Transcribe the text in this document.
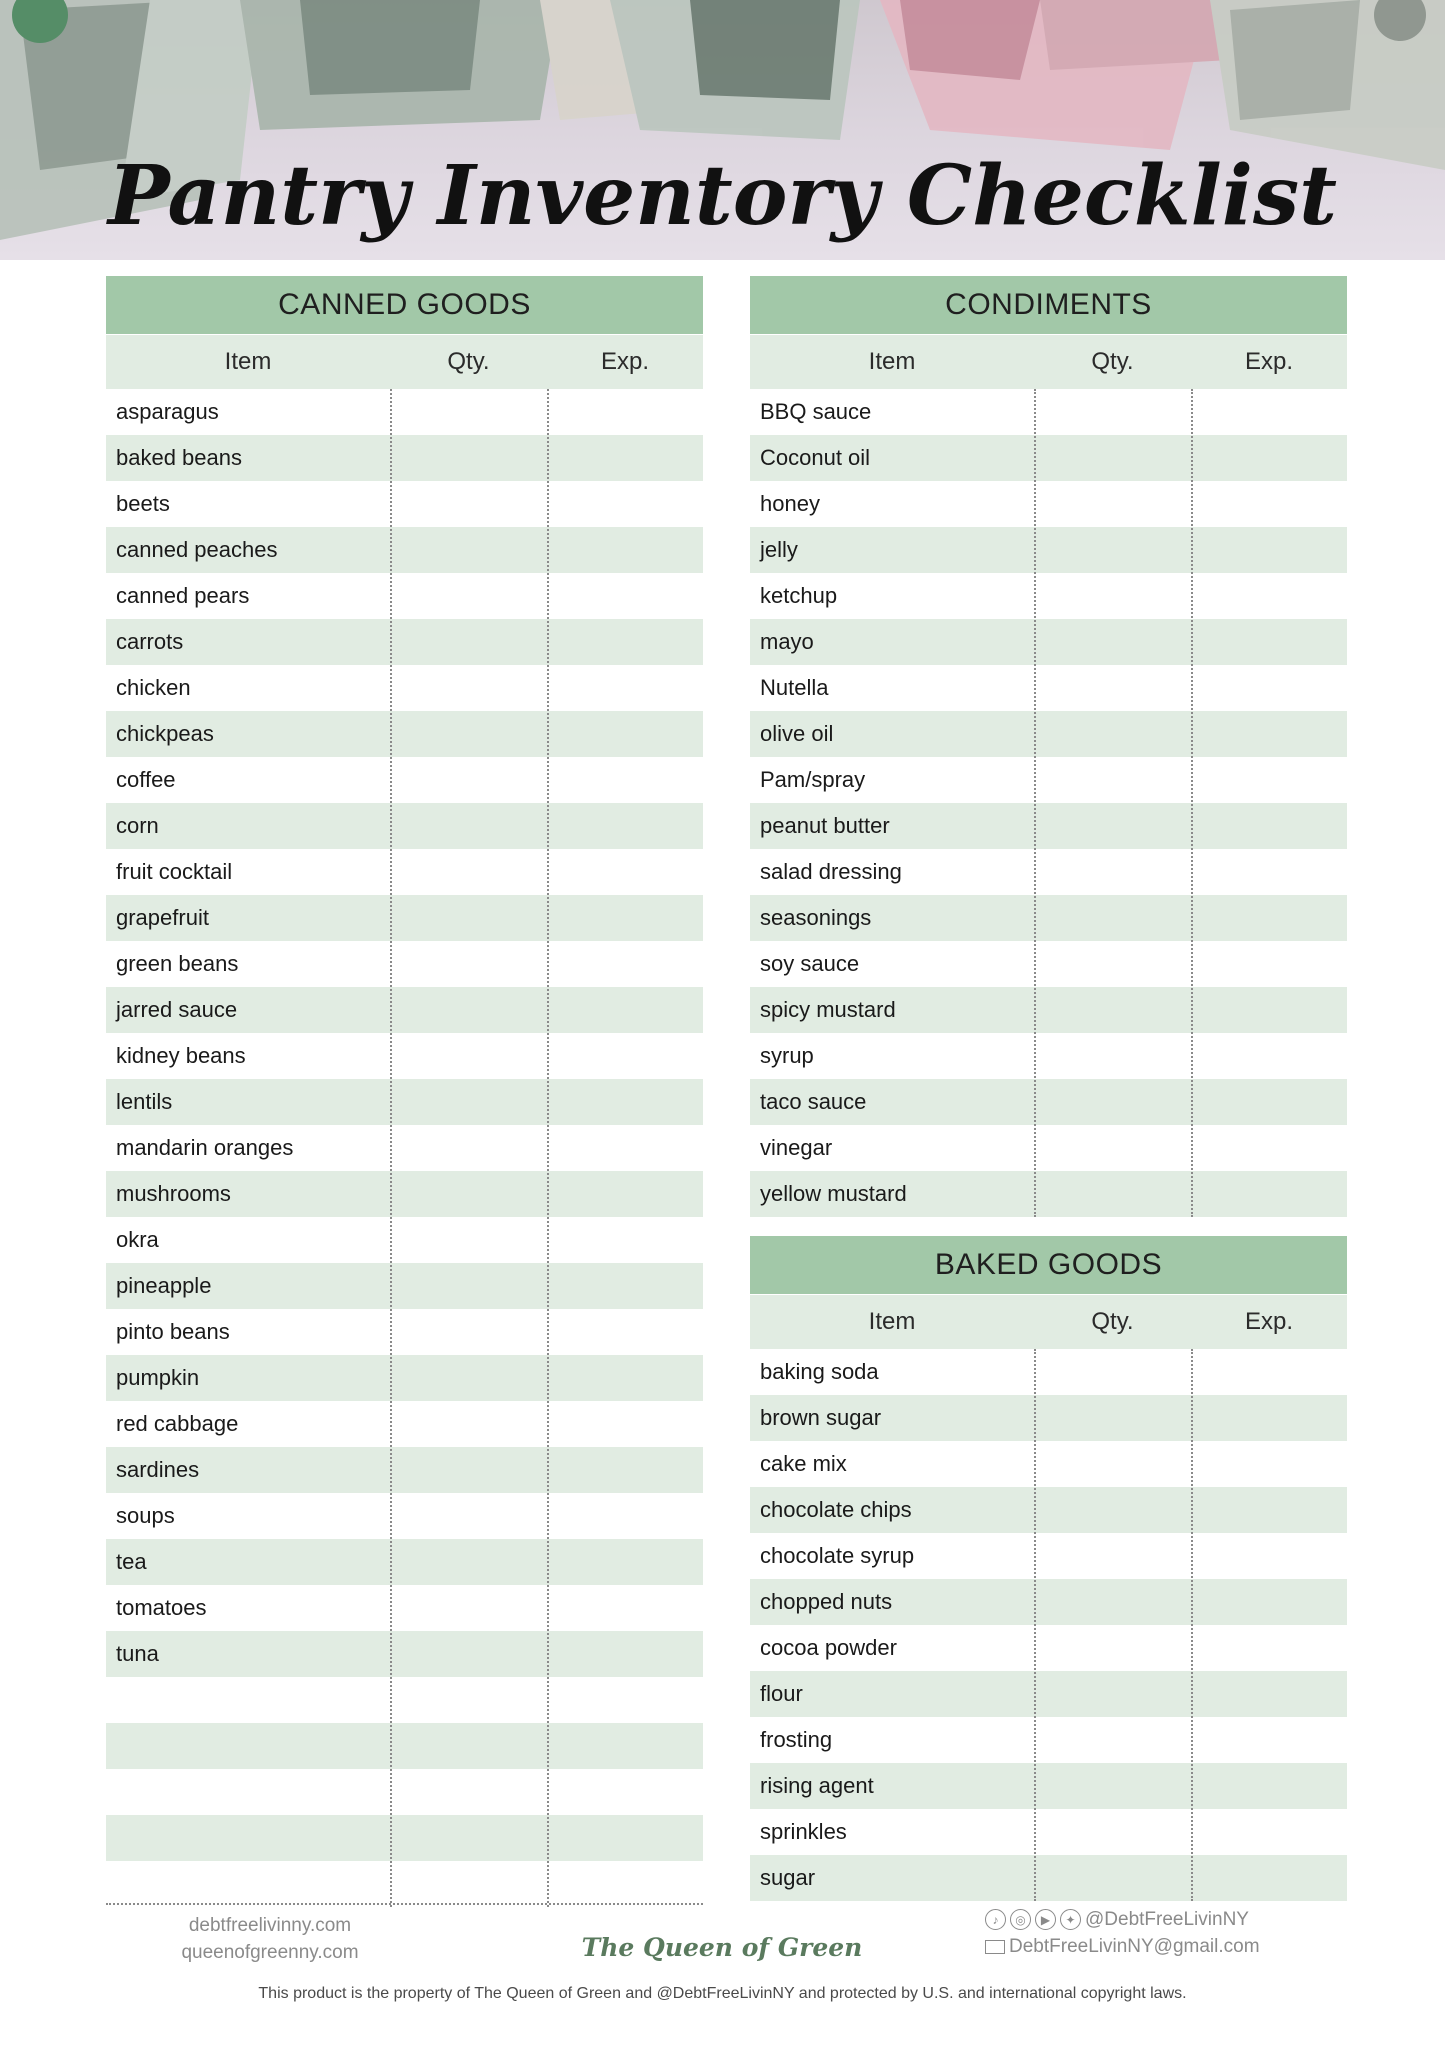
Pantry Inventory Checklist
CANNED GOODS
Item	Qty.	Exp.
asparagus
baked beans
beets
canned peaches
canned pears
carrots
chicken
chickpeas
coffee
corn
fruit cocktail
grapefruit
green beans
jarred sauce
kidney beans
lentils
mandarin oranges
mushrooms
okra
pineapple
pinto beans
pumpkin
red cabbage
sardines
soups
tea
tomatoes
tuna
CONDIMENTS
Item	Qty.	Exp.
BBQ sauce
Coconut oil
honey
jelly
ketchup
mayo
Nutella
olive oil
Pam/spray
peanut butter
salad dressing
seasonings
soy sauce
spicy mustard
syrup
taco sauce
vinegar
yellow mustard
BAKED GOODS
Item	Qty.	Exp.
baking soda
brown sugar
cake mix
chocolate chips
chocolate syrup
chopped nuts
cocoa powder
flour
frosting
rising agent
sprinkles
sugar
debtfreelivinny.com
queenofgreenny.com	The Queen of Green
♪	◎	▶	✦ @DebtFreeLivinNY
DebtFreeLivinNY@gmail.com
This product is the property of The Queen of Green and @DebtFreeLivinNY and protected by U.S. and international copyright laws.
